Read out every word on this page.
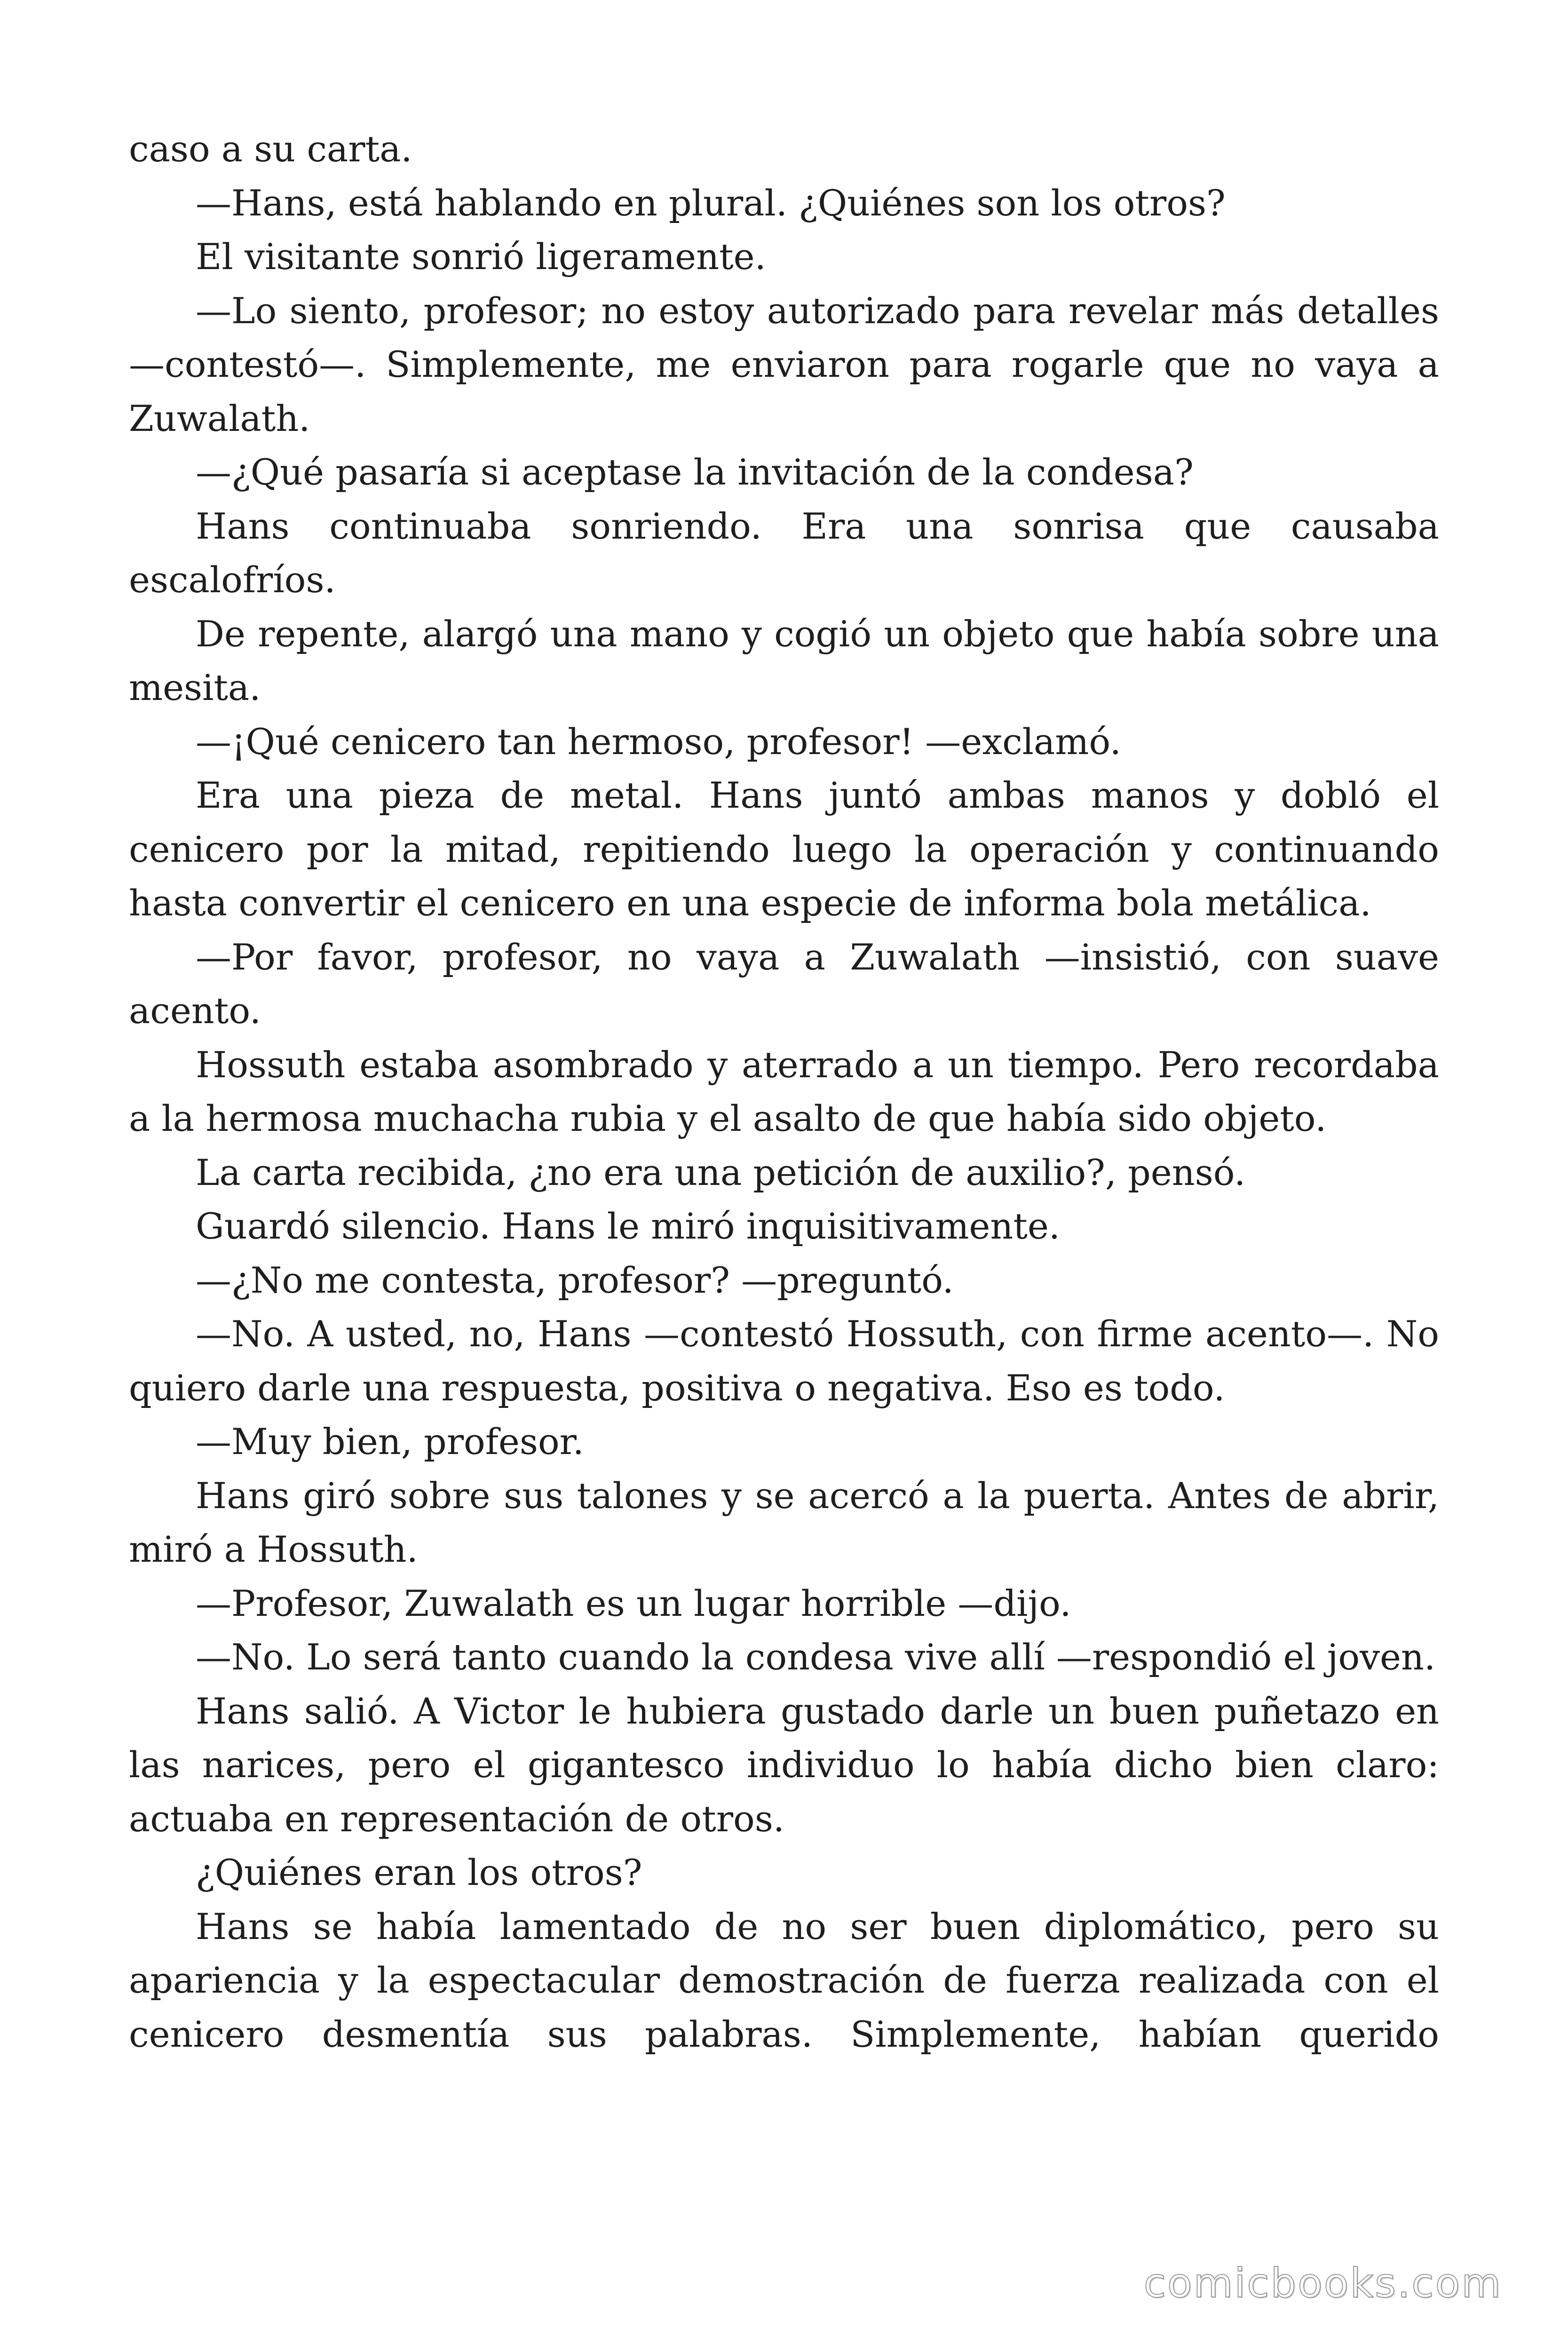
caso a su carta.

—Hans, está hablando en plural. ¿Quiénes son los otros?

El visitante sonrió ligeramente.

—Lo siento, profesor; no estoy autorizado para revelar más detalles —contestó—. Simplemente, me enviaron para rogarle que no vaya a Zuwalath.

—¿Qué pasaría si aceptase la invitación de la condesa?

Hans continuaba sonriendo. Era una sonrisa que causaba escalofríos.

De repente, alargó una mano y cogió un objeto que había sobre una mesita.

—¡Qué cenicero tan hermoso, profesor! —exclamó.

Era una pieza de metal. Hans juntó ambas manos y dobló el cenicero por la mitad, repitiendo luego la operación y continuando hasta convertir el cenicero en una especie de informa bola metálica.

—Por favor, profesor, no vaya a Zuwalath —insistió, con suave acento.

Hossuth estaba asombrado y aterrado a un tiempo. Pero recordaba a la hermosa muchacha rubia y el asalto de que había sido objeto.

La carta recibida, ¿no era una petición de auxilio?, pensó.

Guardó silencio. Hans le miró inquisitivamente.

—¿No me contesta, profesor? —preguntó.

—No. A usted, no, Hans —contestó Hossuth, con firme acento—. No quiero darle una respuesta, positiva o negativa. Eso es todo.

—Muy bien, profesor.

Hans giró sobre sus talones y se acercó a la puerta. Antes de abrir, miró a Hossuth.

—Profesor, Zuwalath es un lugar horrible —dijo.

—No. Lo será tanto cuando la condesa vive allí —respondió el joven.

Hans salió. A Victor le hubiera gustado darle un buen puñetazo en las narices, pero el gigantesco individuo lo había dicho bien claro: actuaba en representación de otros.

¿Quiénes eran los otros?

Hans se había lamentado de no ser buen diplomático, pero su apariencia y la espectacular demostración de fuerza realizada con el cenicero desmentía sus palabras. Simplemente, habían querido

comicbooks.com
